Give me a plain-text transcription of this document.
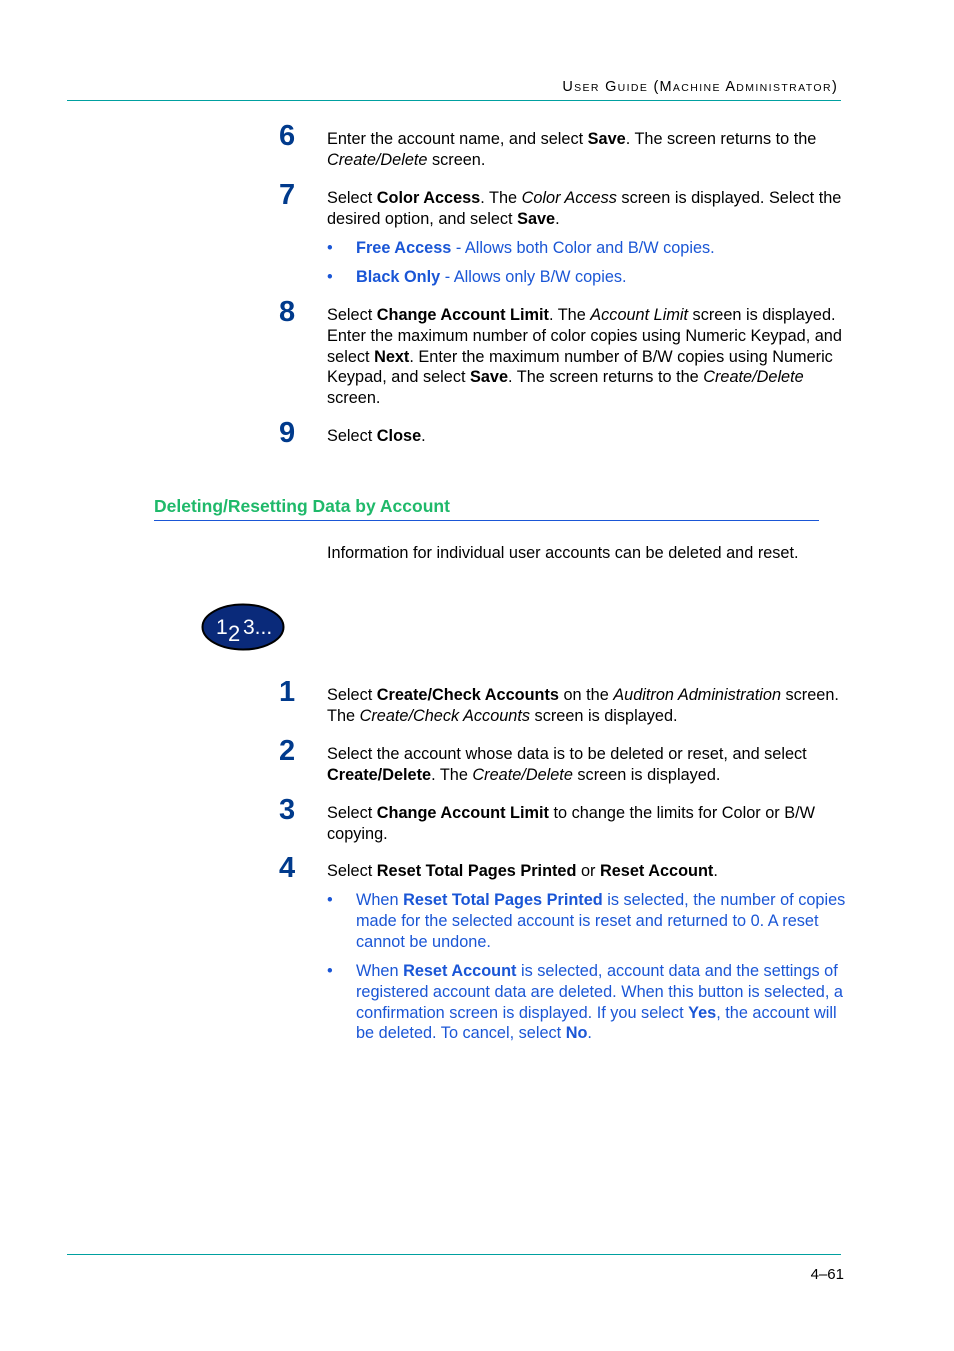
USER GUIDE (MACHINE ADMINISTRATOR)
6 Enter the account name, and select Save. The screen returns to the Create/Delete screen.
7 Select Color Access. The Color Access screen is displayed. Select the desired option, and select Save.
• Free Access - Allows both Color and B/W copies.
• Black Only - Allows only B/W copies.
8 Select Change Account Limit. The Account Limit screen is displayed. Enter the maximum number of color copies using Numeric Keypad, and select Next. Enter the maximum number of B/W copies using Numeric Keypad, and select Save. The screen returns to the Create/Delete screen.
9 Select Close.
Deleting/Resetting Data by Account
Information for individual user accounts can be deleted and reset.
1 2 3...
1 Select Create/Check Accounts on the Auditron Administration screen. The Create/Check Accounts screen is displayed.
2 Select the account whose data is to be deleted or reset, and select Create/Delete. The Create/Delete screen is displayed.
3 Select Change Account Limit to change the limits for Color or B/W copying.
4 Select Reset Total Pages Printed or Reset Account.
• When Reset Total Pages Printed is selected, the number of copies made for the selected account is reset and returned to 0. A reset cannot be undone.
• When Reset Account is selected, account data and the settings of registered account data are deleted. When this button is selected, a confirmation screen is displayed. If you select Yes, the account will be deleted. To cancel, select No.
4–61
